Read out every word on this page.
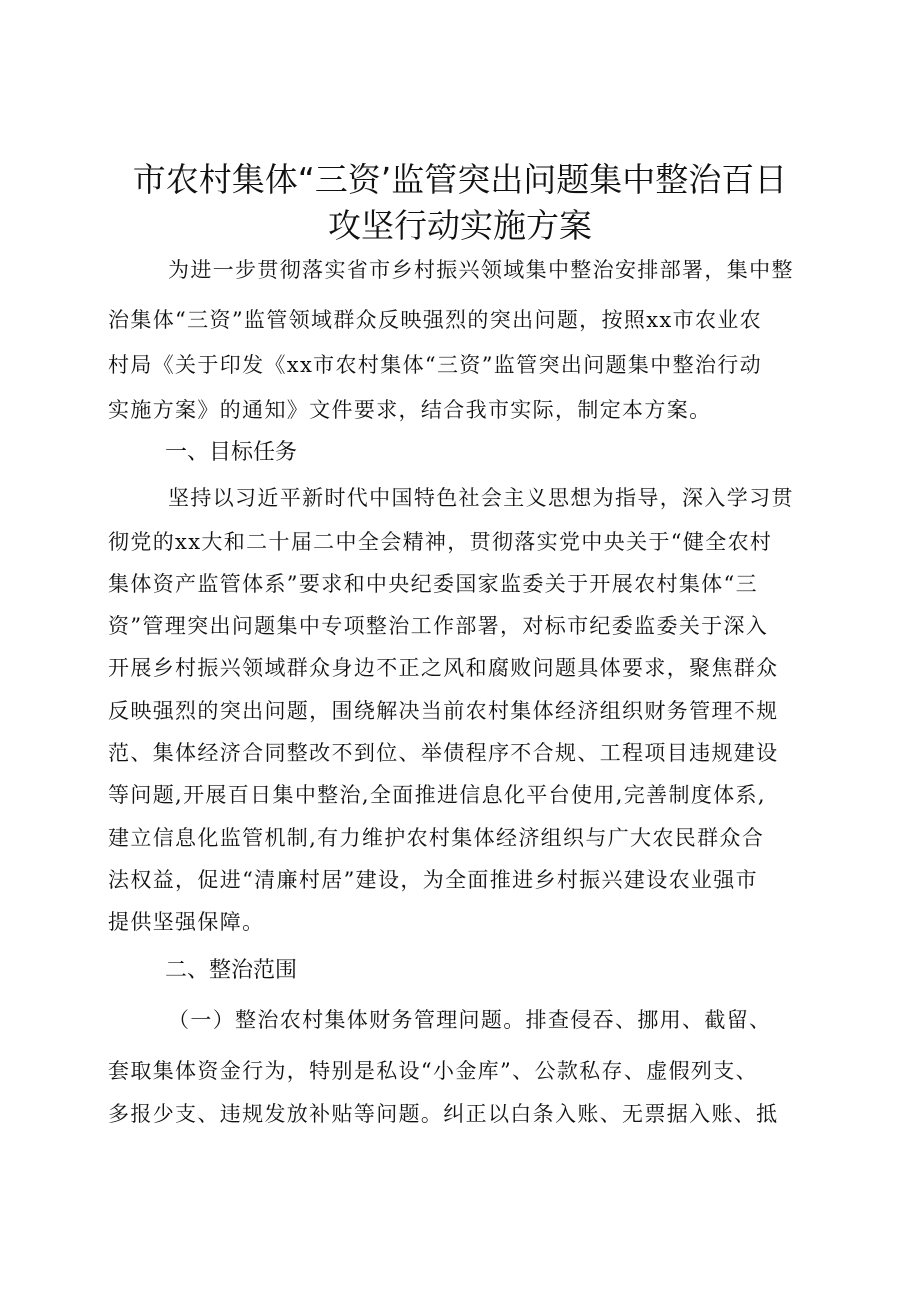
市农村集体“三资’监管突出问题集中整治百日
攻坚行动实施方案

为进一步贯彻落实省市乡村振兴领域集中整治安排部署，集中整

治集体“三资”监管领域群众反映强烈的突出问题，按照xx市农业农

村局《关于印发《xx市农村集体“三资”监管突出问题集中整治行动

实施方案》的通知》文件要求，结合我市实际，制定本方案。

一、目标任务

坚持以习近平新时代中国特色社会主义思想为指导，深入学习贯

彻党的xx大和二十届二中全会精神，贯彻落实党中央关于“健全农村

集体资产监管体系”要求和中央纪委国家监委关于开展农村集体“三

资”管理突出问题集中专项整治工作部署，对标市纪委监委关于深入

开展乡村振兴领域群众身边不正之风和腐败问题具体要求，聚焦群众

反映强烈的突出问题，围绕解决当前农村集体经济组织财务管理不规

范、集体经济合同整改不到位、举债程序不合规、工程项目违规建设

等问题,开展百日集中整治,全面推进信息化平台使用,完善制度体系,

建立信息化监管机制,有力维护农村集体经济组织与广大农民群众合

法权益，促进“清廉村居”建设，为全面推进乡村振兴建设农业强市

提供坚强保障。

二、整治范围

（一）整治农村集体财务管理问题。排查侵吞、挪用、截留、

套取集体资金行为，特别是私设“小金库”、公款私存、虚假列支、

多报少支、违规发放补贴等问题。纠正以白条入账、无票据入账、抵
